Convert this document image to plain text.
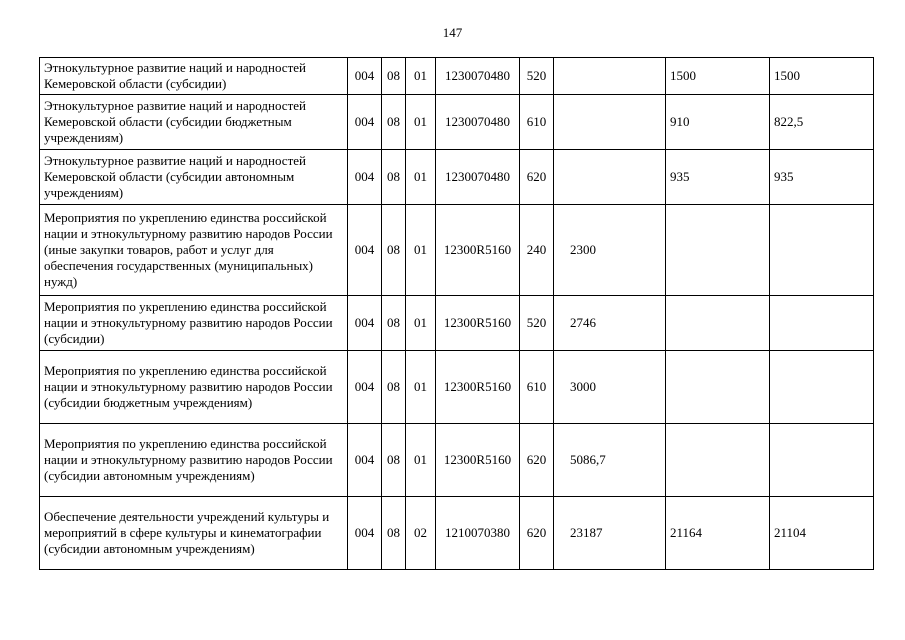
147
Этнокультурное развитие наций и народностей Кемеровской области (субсидии)	004	08	01	1230070480	520		1500	1500
Этнокультурное развитие наций и народностей Кемеровской области (субсидии бюджетным учреждениям)	004	08	01	1230070480	610		910	822,5
Этнокультурное развитие наций и народностей Кемеровской области (субсидии автономным учреждениям)	004	08	01	1230070480	620		935	935
Мероприятия по укреплению единства российской нации и этнокультурному развитию народов России (иные закупки товаров, работ и услуг для обеспечения государственных (муниципальных) нужд)	004	08	01	12300R5160	240	2300		
Мероприятия по укреплению единства российской нации и этнокультурному развитию народов России (субсидии)	004	08	01	12300R5160	520	2746		
Мероприятия по укреплению единства российской нации и этнокультурному развитию народов России (субсидии бюджетным учреждениям)	004	08	01	12300R5160	610	3000		
Мероприятия по укреплению единства российской нации и этнокультурному развитию народов России (субсидии автономным учреждениям)	004	08	01	12300R5160	620	5086,7		
Обеспечение деятельности учреждений культуры и мероприятий в сфере культуры и кинематографии (субсидии автономным учреждениям)	004	08	02	1210070380	620	23187	21164	21104
